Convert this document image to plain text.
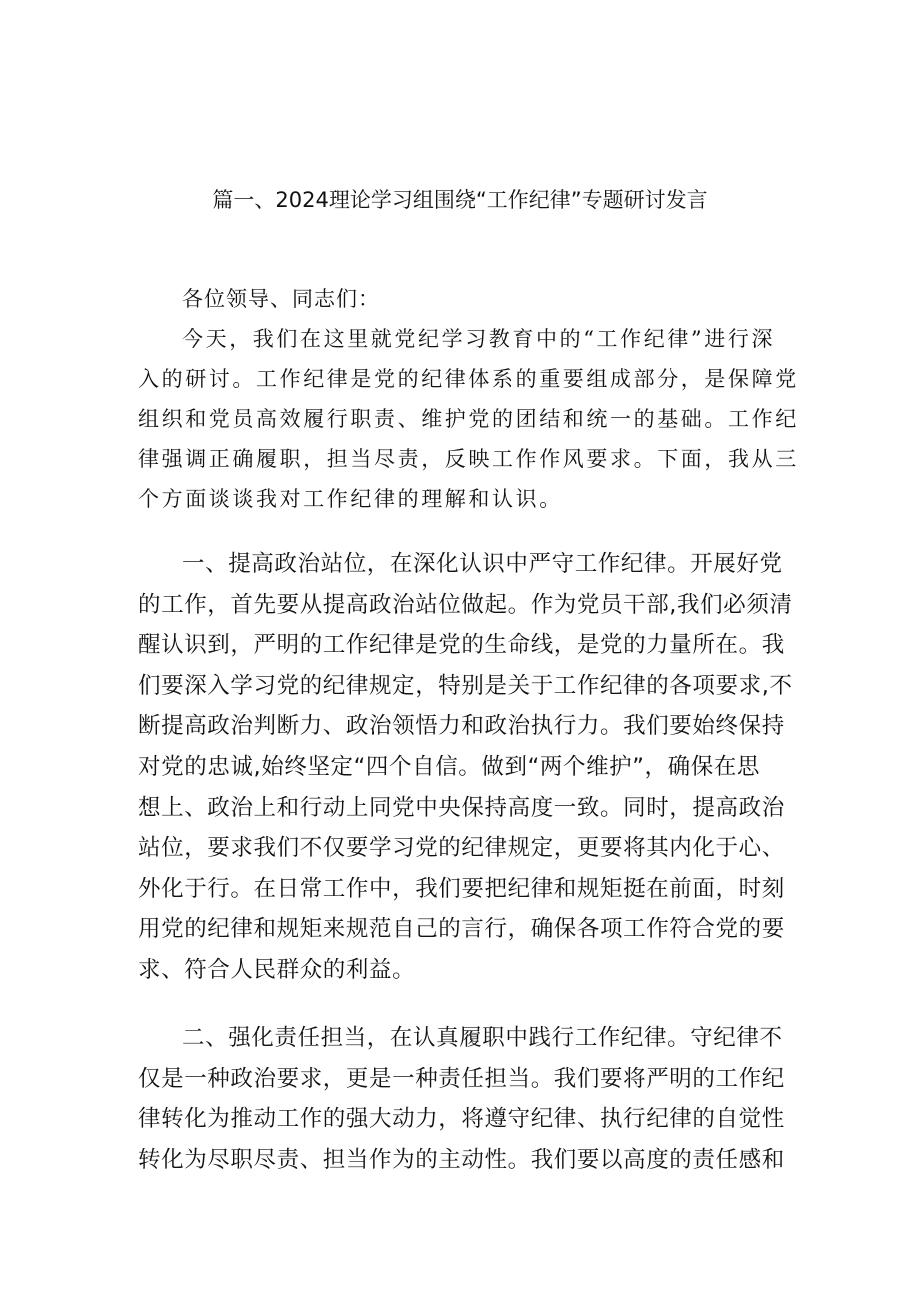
篇一、2024理论学习组围绕“工作纪律”专题研讨发言
各位领导、同志们：
今天，我们在这里就党纪学习教育中的“工作纪律”进行深
入的研讨。工作纪律是党的纪律体系的重要组成部分，是保障党
组织和党员高效履行职责、维护党的团结和统一的基础。工作纪
律强调正确履职，担当尽责，反映工作作风要求。下面，我从三
个方面谈谈我对工作纪律的理解和认识。
一、提高政治站位，在深化认识中严守工作纪律。开展好党
的工作，首先要从提高政治站位做起。作为党员干部,我们必须清
醒认识到，严明的工作纪律是党的生命线，是党的力量所在。我
们要深入学习党的纪律规定，特别是关于工作纪律的各项要求,不
断提高政治判断力、政治领悟力和政治执行力。我们要始终保持
对党的忠诚,始终坚定“四个自信。做到“两个维护”，确保在思
想上、政治上和行动上同党中央保持高度一致。同时，提高政治
站位，要求我们不仅要学习党的纪律规定，更要将其内化于心、
外化于行。在日常工作中，我们要把纪律和规矩挺在前面，时刻
用党的纪律和规矩来规范自己的言行，确保各项工作符合党的要
求、符合人民群众的利益。
二、强化责任担当，在认真履职中践行工作纪律。守纪律不
仅是一种政治要求，更是一种责任担当。我们要将严明的工作纪
律转化为推动工作的强大动力，将遵守纪律、执行纪律的自觉性
转化为尽职尽责、担当作为的主动性。我们要以高度的责任感和
